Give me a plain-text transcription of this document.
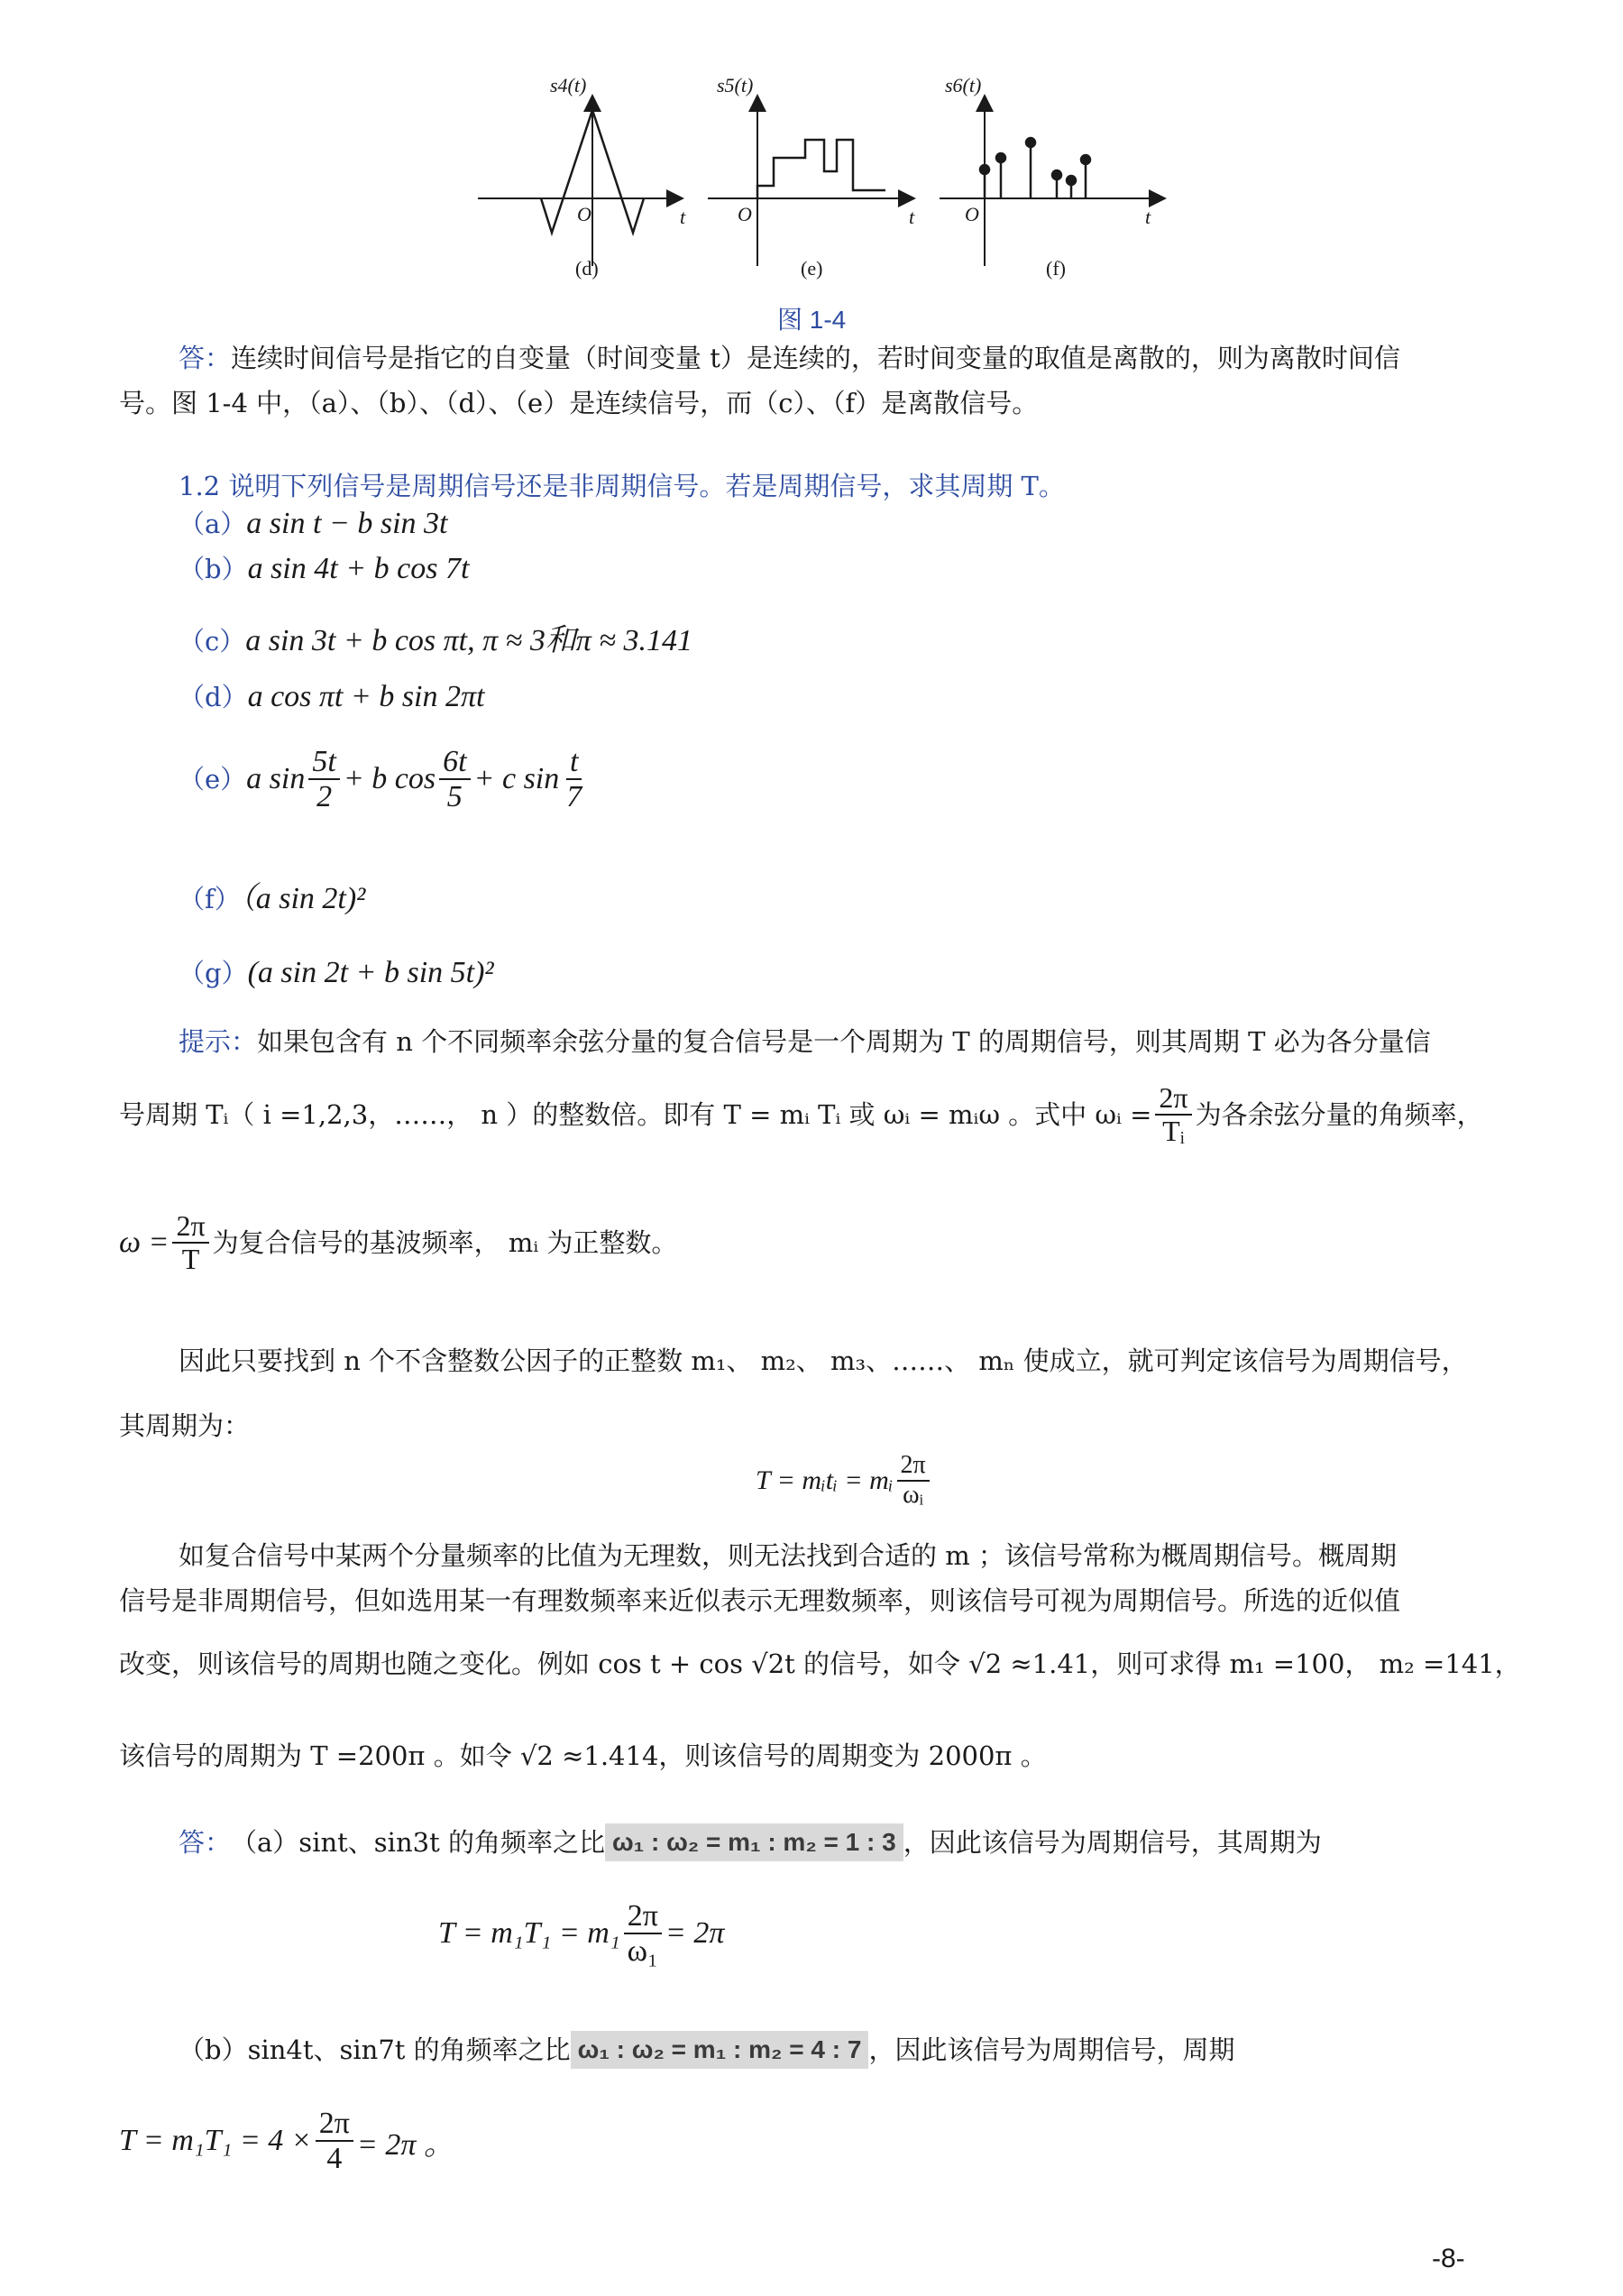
s4(t)
O	t
(d)
s5(t)
O	t
(e)
s6(t)
O	t
(f)
图 1-4
答：连续时间信号是指它的自变量（时间变量 t）是连续的，若时间变量的取值是离散的，则为离散时间信
号。图 1-4 中，（a）、（b）、（d）、（e）是连续信号，而（c）、（f）是离散信号。
1.2 说明下列信号是周期信号还是非周期信号。若是周期信号，求其周期 T。
（a）a sin t − b sin 3t
（b）a sin 4t + b cos 7t
（c）a sin 3t + b cos πt, π ≈ 3和π ≈ 3.141
（d）a cos πt + b sin 2πt
（e） a $\sin \frac{5t}{2} + b$ $\cos \frac{6t}{5} + c$ $\sin \frac{t}{7}$
（f）（a sin 2t)²
（g）(a sin 2t + b sin 5t)²
提示：如果包含有 n 个不同频率余弦分量的复合信号是一个周期为 T 的周期信号，则其周期 T 必为各分量信
号周期 Tᵢ（ i =1,2,3，……， n ）的整数倍。即有 T = mᵢ Tᵢ 或 ωᵢ = mᵢω 。式中 ωᵢ = $\frac{2\pi}{\text{Tᵢ}}$ 为各余弦分量的角频率，
$\omega = \frac{2\pi}{T}$ 为复合信号的基波频率， mᵢ 为正整数。
因此只要找到 n 个不含整数公因子的正整数 m₁、 m₂、 m₃、……、 mₙ 使成立，就可判定该信号为周期信号，
其周期为：
T = mᵢtᵢ = mᵢ $\frac{2\pi}{\text{ωᵢ}}$
如复合信号中某两个分量频率的比值为无理数，则无法找到合适的 m ；该信号常称为概周期信号。概周期
信号是非周期信号，但如选用某一有理数频率来近似表示无理数频率，则该信号可视为周期信号。所选的近似值
改变，则该信号的周期也随之变化。例如 cos t + cos √2t 的信号，如令 √2 ≈1.41，则可求得 m₁ =100， m₂ =141，
该信号的周期为 T =200π 。如令 √2 ≈1.414，则该信号的周期变为 2000π 。
答： （a）sint、sin3t 的角频率之比 ω₁ : ω₂ = m₁ : m₂ = 1 : 3 ，因此该信号为周期信号，其周期为
$T = m_1T_1 = m_1 \frac{2\pi}{\text{ω₁}} = 2\pi$
（b）sin4t、sin7t 的角频率之比 ω₁ : ω₂ = m₁ : m₂ = 4 : 7 ，因此该信号为周期信号，周期
$T = m_1T_1 = 4 \times \frac{2\pi}{4} = 2\pi$ 。
-8-
